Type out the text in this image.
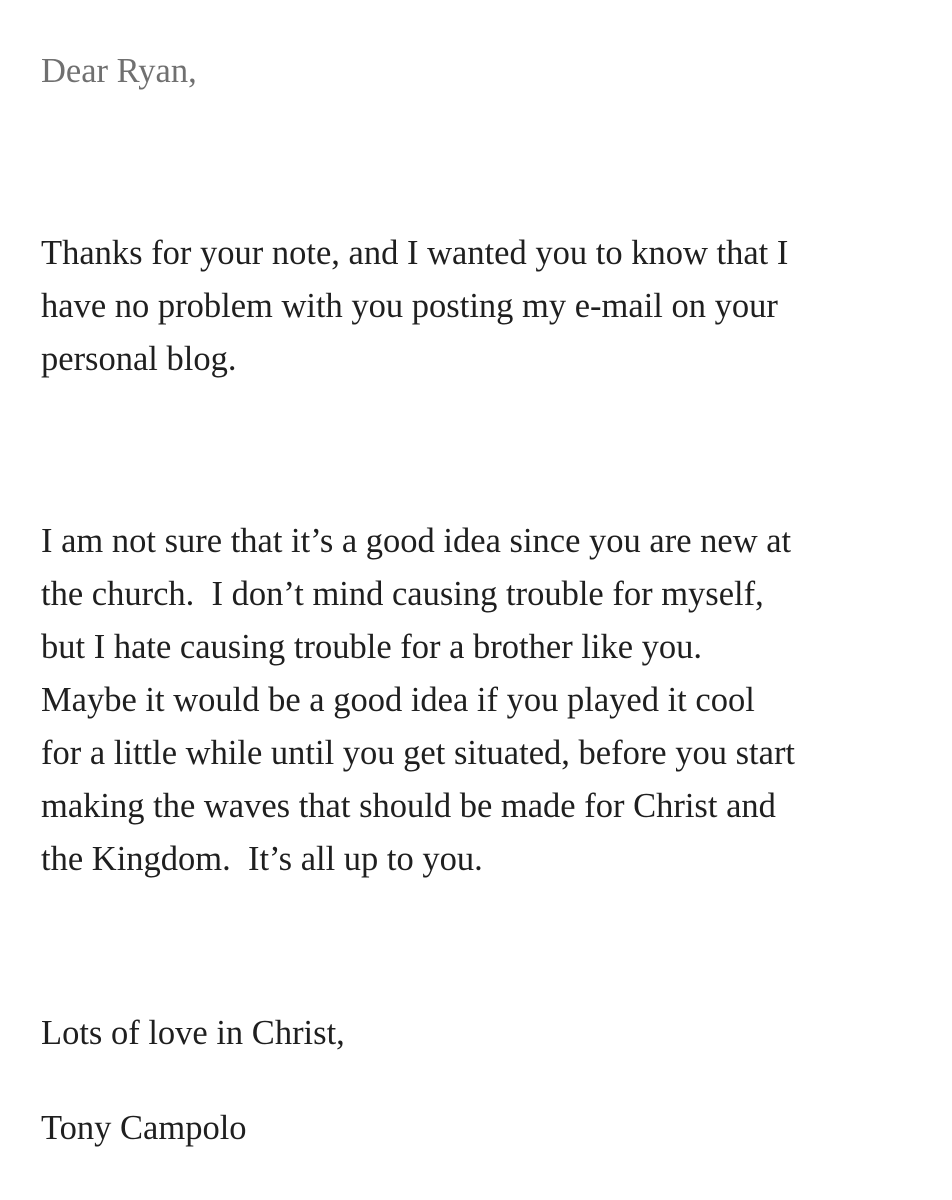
Dear Ryan,

Thanks for your note, and I wanted you to know that I

have no problem with you posting my e-mail on your

personal blog.

I am not sure that it’s a good idea since you are new at

the church.  I don’t mind causing trouble for myself,

but I hate causing trouble for a brother like you.

Maybe it would be a good idea if you played it cool

for a little while until you get situated, before you start

making the waves that should be made for Christ and

the Kingdom.  It’s all up to you.

Lots of love in Christ,

Tony Campolo
